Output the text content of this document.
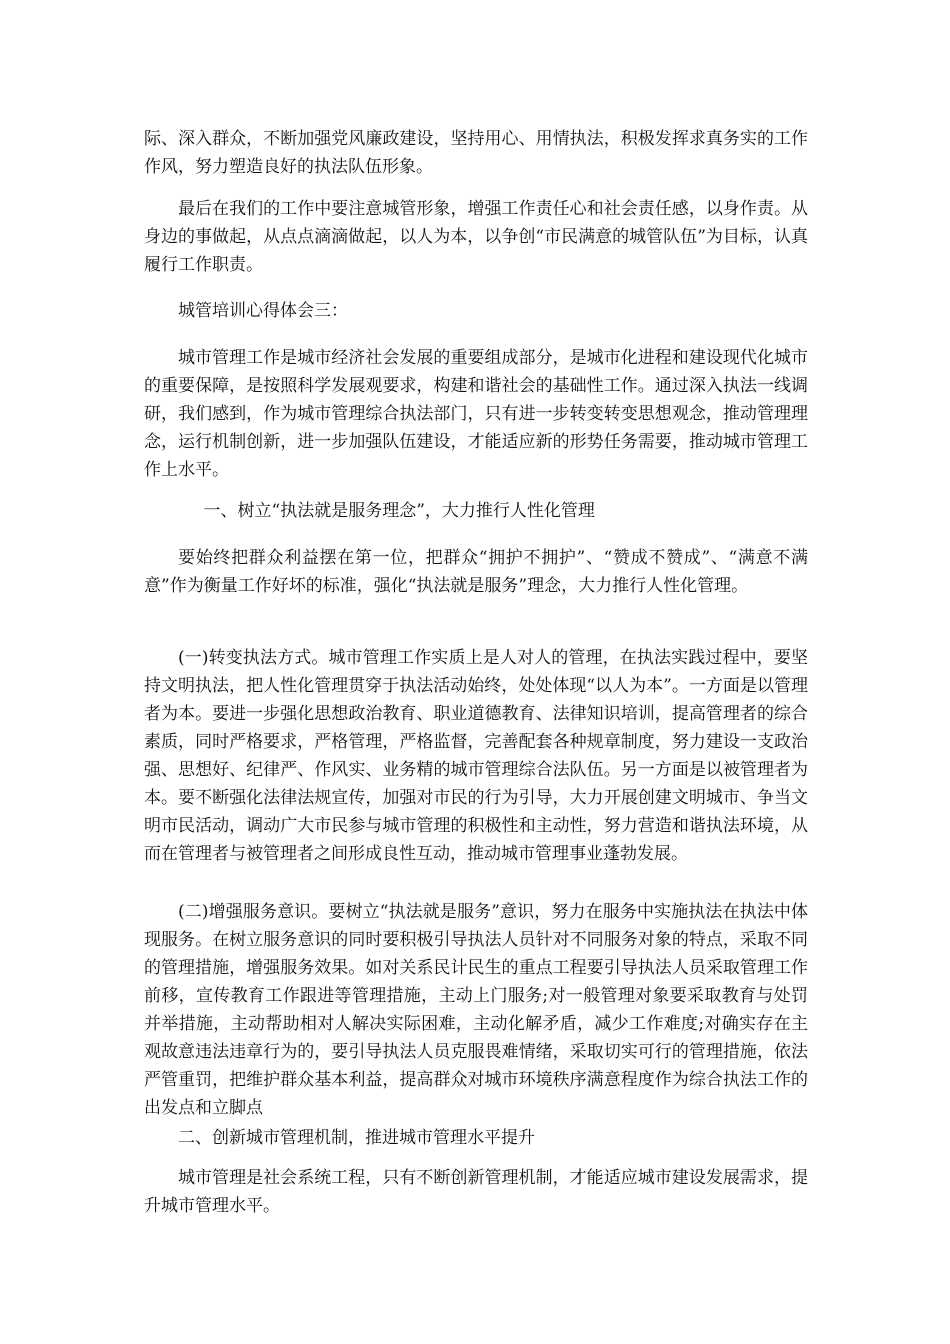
际、深入群众，不断加强党风廉政建设，坚持用心、用情执法，积极发挥求真务实的工作作风，努力塑造良好的执法队伍形象。

最后在我们的工作中要注意城管形象，增强工作责任心和社会责任感，以身作责。从身边的事做起，从点点滴滴做起，以人为本，以争创“市民满意的城管队伍”为目标，认真履行工作职责。

城管培训心得体会三：

城市管理工作是城市经济社会发展的重要组成部分，是城市化进程和建设现代化城市的重要保障，是按照科学发展观要求，构建和谐社会的基础性工作。通过深入执法一线调研，我们感到，作为城市管理综合执法部门，只有进一步转变转变思想观念，推动管理理念，运行机制创新，进一步加强队伍建设，才能适应新的形势任务需要，推动城市管理工作上水平。

一、树立“执法就是服务理念”，大力推行人性化管理

要始终把群众利益摆在第一位，把群众“拥护不拥护”、“赞成不赞成”、“满意不满意”作为衡量工作好坏的标准，强化“执法就是服务”理念，大力推行人性化管理。

(一)转变执法方式。城市管理工作实质上是人对人的管理，在执法实践过程中，要坚持文明执法，把人性化管理贯穿于执法活动始终，处处体现“以人为本”。一方面是以管理者为本。要进一步强化思想政治教育、职业道德教育、法律知识培训，提高管理者的综合素质，同时严格要求，严格管理，严格监督，完善配套各种规章制度，努力建设一支政治强、思想好、纪律严、作风实、业务精的城市管理综合法队伍。另一方面是以被管理者为本。要不断强化法律法规宣传，加强对市民的行为引导，大力开展创建文明城市、争当文明市民活动，调动广大市民参与城市管理的积极性和主动性，努力营造和谐执法环境，从而在管理者与被管理者之间形成良性互动，推动城市管理事业蓬勃发展。

(二)增强服务意识。要树立“执法就是服务”意识，努力在服务中实施执法在执法中体现服务。在树立服务意识的同时要积极引导执法人员针对不同服务对象的特点，采取不同的管理措施，增强服务效果。如对关系民计民生的重点工程要引导执法人员采取管理工作前移，宣传教育工作跟进等管理措施，主动上门服务;对一般管理对象要采取教育与处罚并举措施，主动帮助相对人解决实际困难，主动化解矛盾，减少工作难度;对确实存在主观故意违法违章行为的，要引导执法人员克服畏难情绪，采取切实可行的管理措施，依法严管重罚，把维护群众基本利益，提高群众对城市环境秩序满意程度作为综合执法工作的出发点和立脚点

二、创新城市管理机制，推进城市管理水平提升

城市管理是社会系统工程，只有不断创新管理机制，才能适应城市建设发展需求，提升城市管理水平。
